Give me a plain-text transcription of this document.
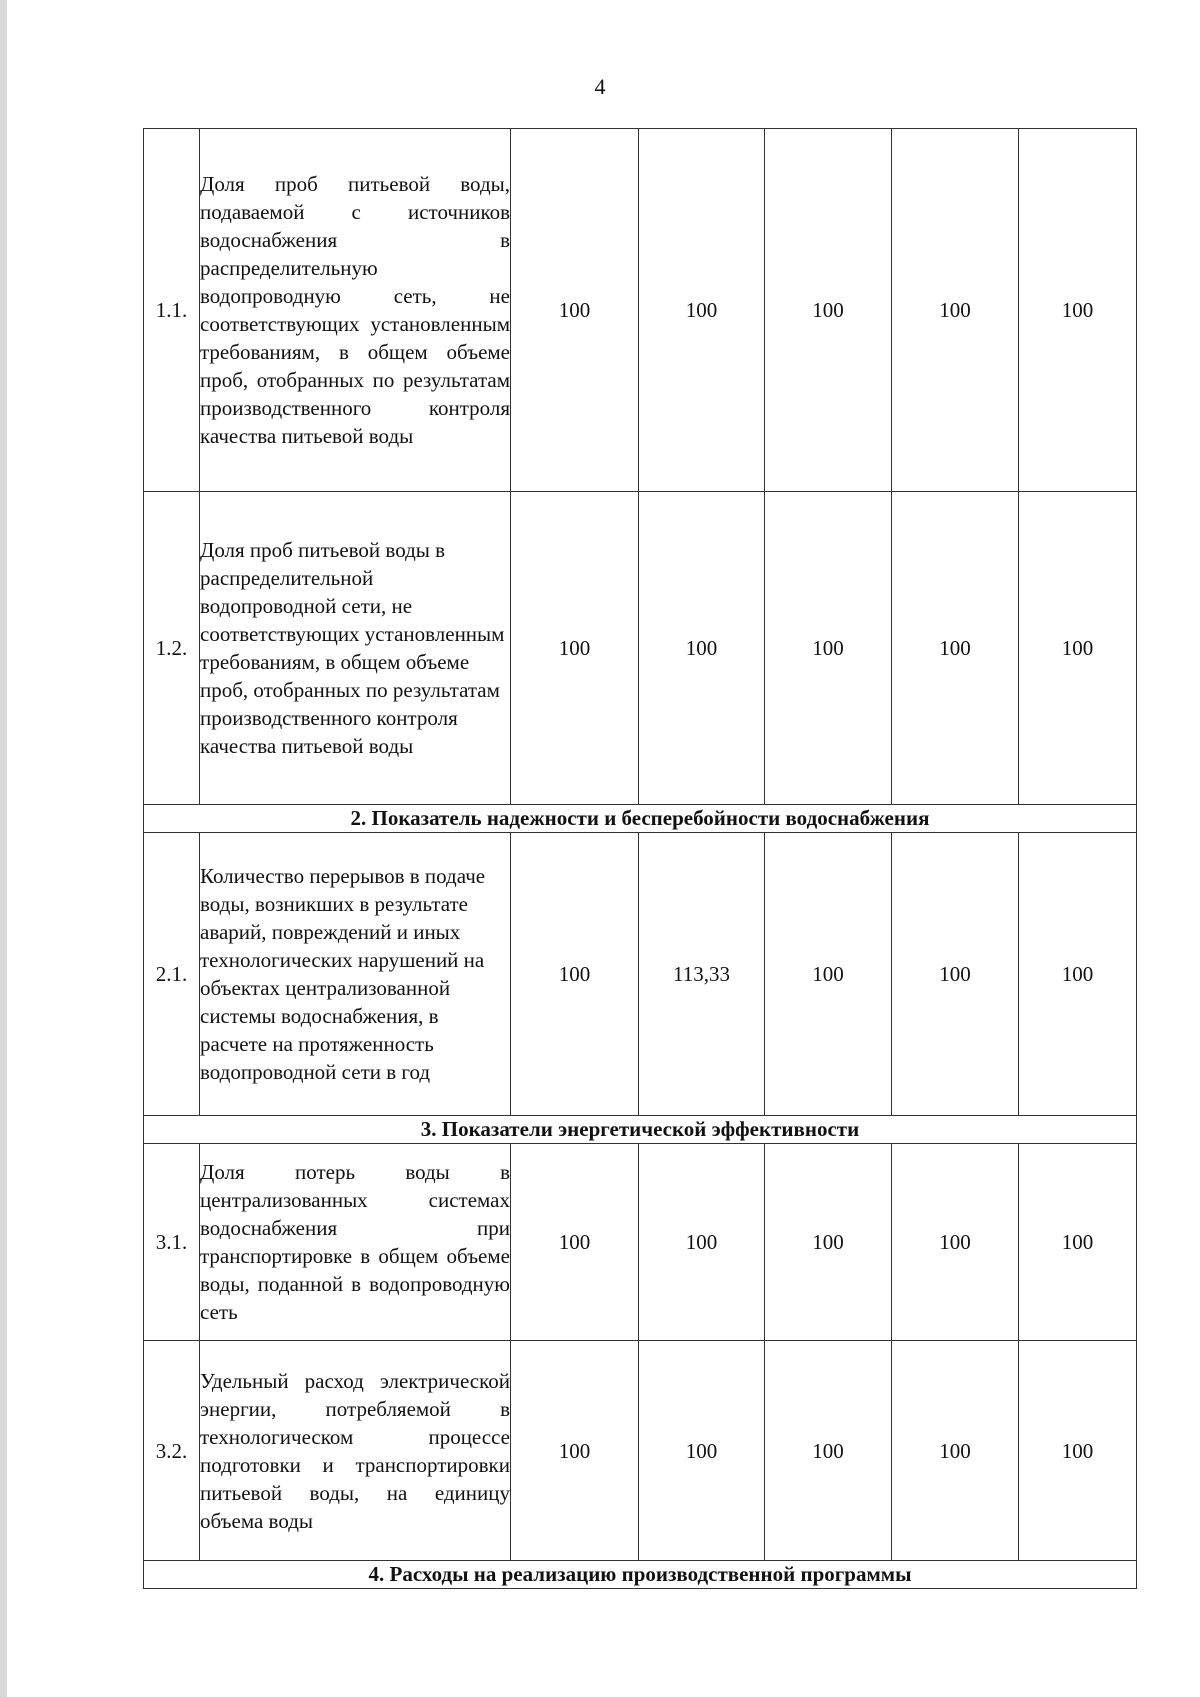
4
1.1.	Доля проб питьевой воды, подаваемой с источников водоснабжения в распределительную водопроводную сеть, не соответствующих установленным требованиям, в общем объеме проб, отобранных по результатам производственного контроля качества питьевой воды	100	100	100	100	100
1.2.	Доля проб питьевой воды в распределительной водопроводной сети, не соответствующих установленным требованиям, в общем объеме проб, отобранных по результатам производственного контроля качества питьевой воды	100	100	100	100	100
2. Показатель надежности и бесперебойности водоснабжения						
2.1.	Количество перерывов в подаче воды, возникших в результате аварий, повреждений и иных технологических нарушений на объектах централизованной системы водоснабжения, в расчете на протяженность водопроводной сети в год	100	113,33	100	100	100
3. Показатели энергетической эффективности						
3.1.	Доля потерь воды в централизованных системах водоснабжения при транспортировке в общем объеме воды, поданной в водопроводную сеть	100	100	100	100	100
3.2.	Удельный расход электрической энергии, потребляемой в технологическом процессе подготовки и транспортировки питьевой воды, на единицу объема воды	100	100	100	100	100
4. Расходы на реализацию производственной программы						
